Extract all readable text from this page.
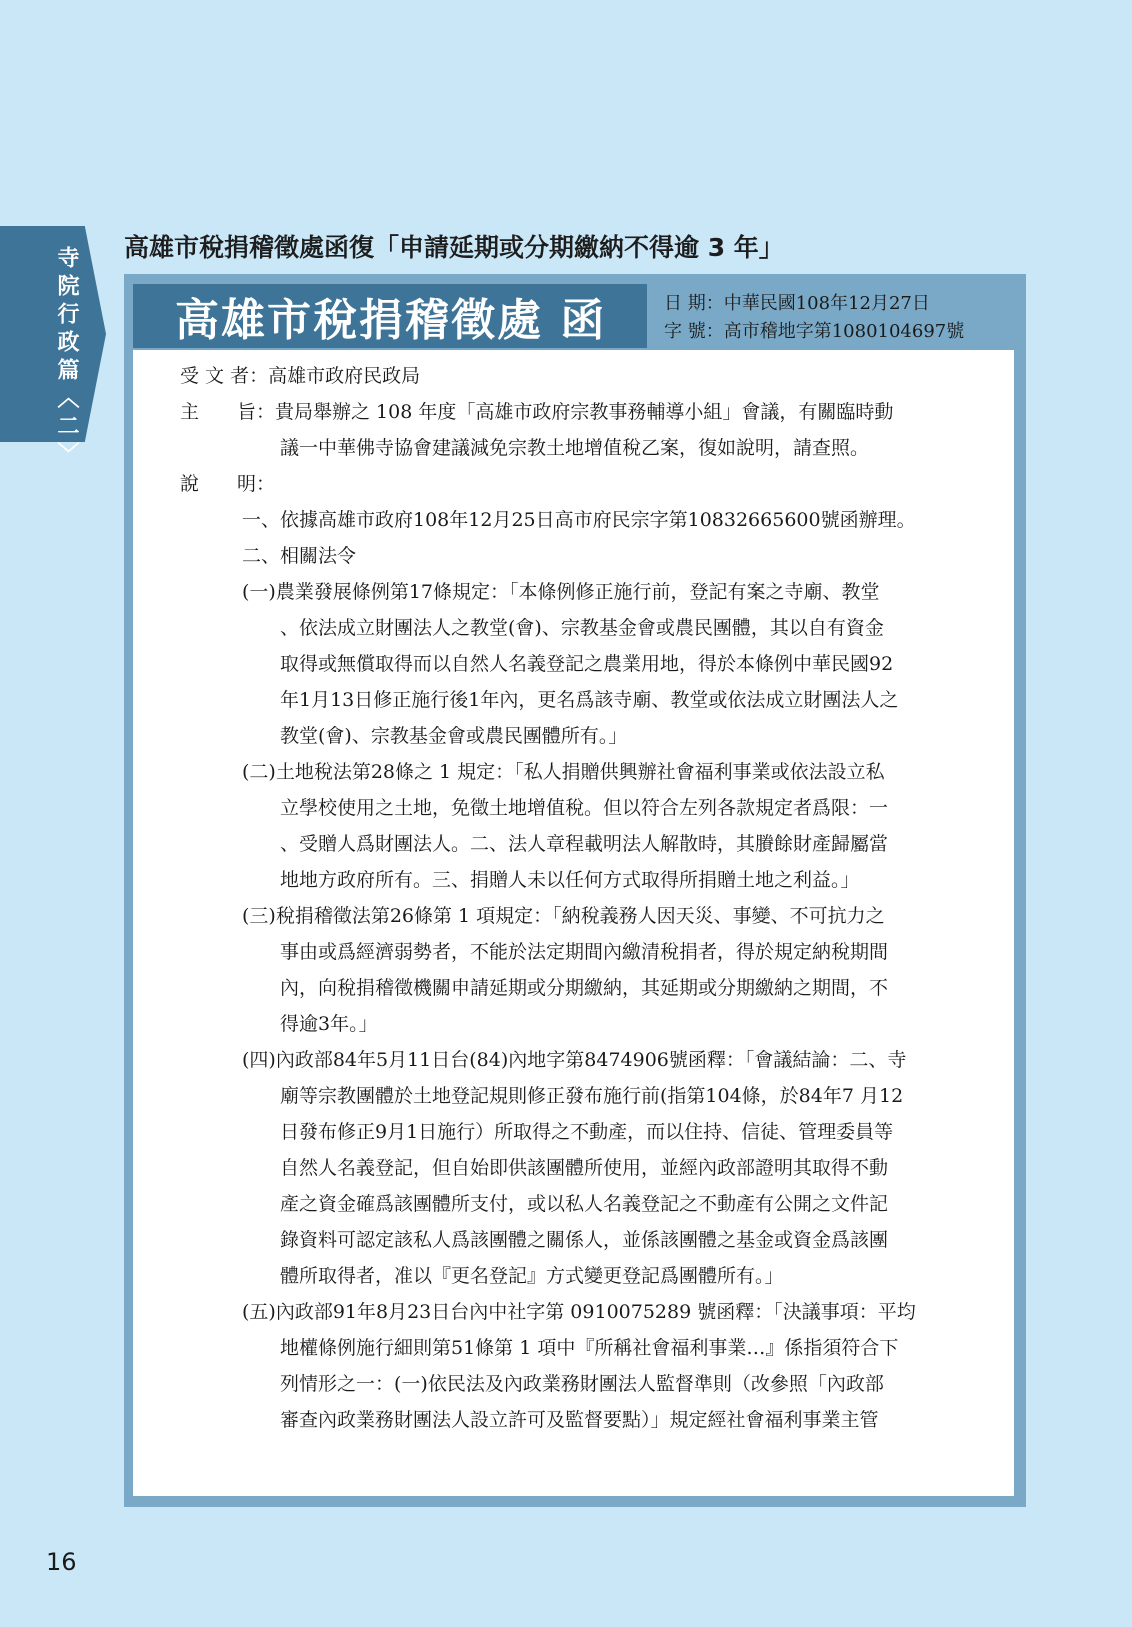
寺院行政篇〈二〉 高雄市稅捐稽徵處函復「申請延期或分期繳納不得逾 3 年」
高雄市稅捐稽徵處 函	日 期：中華民國108年12月27日
字 號：高市稽地字第1080104697號
受 文 者：高雄市政府民政局
主　　旨：貴局舉辦之 108 年度「高雄市政府宗教事務輔導小組」會議，有關臨時動
議一中華佛寺協會建議減免宗教土地增值稅乙案，復如說明，請查照。
說　　明：
一、依據高雄市政府108年12月25日高市府民宗字第10832665600號函辦理。
二、相關法令
(一)農業發展條例第17條規定：「本條例修正施行前，登記有案之寺廟、教堂
、依法成立財團法人之教堂(會)、宗教基金會或農民團體，其以自有資金
取得或無償取得而以自然人名義登記之農業用地，得於本條例中華民國92
年1月13日修正施行後1年內，更名爲該寺廟、教堂或依法成立財團法人之
教堂(會)、宗教基金會或農民團體所有。」
(二)土地稅法第28條之 1 規定：「私人捐贈供興辦社會福利事業或依法設立私
立學校使用之土地，免徵土地增值稅。但以符合左列各款規定者爲限：一
、受贈人爲財團法人。二、法人章程載明法人解散時，其賸餘財產歸屬當
地地方政府所有。三、捐贈人未以任何方式取得所捐贈土地之利益。」
(三)稅捐稽徵法第26條第 1 項規定：「納稅義務人因天災、事變、不可抗力之
事由或爲經濟弱勢者，不能於法定期間內繳清稅捐者，得於規定納稅期間
內，向稅捐稽徵機關申請延期或分期繳納，其延期或分期繳納之期間，不
得逾3年。」
(四)內政部84年5月11日台(84)內地字第8474906號函釋：「會議結論：二、寺
廟等宗教團體於土地登記規則修正發布施行前(指第104條，於84年7 月12
日發布修正9月1日施行）所取得之不動產，而以住持、信徒、管理委員等
自然人名義登記，但自始即供該團體所使用，並經內政部證明其取得不動
產之資金確爲該團體所支付，或以私人名義登記之不動產有公開之文件記
錄資料可認定該私人爲該團體之關係人，並係該團體之基金或資金爲該團
體所取得者，准以『更名登記』方式變更登記爲團體所有。」
(五)內政部91年8月23日台內中社字第 0910075289 號函釋：「決議事項：平均
地權條例施行細則第51條第 1 項中『所稱社會福利事業…』係指須符合下
列情形之一：(一)依民法及內政業務財團法人監督準則（改參照「內政部
審查內政業務財團法人設立許可及監督要點）」規定經社會福利事業主管
16
